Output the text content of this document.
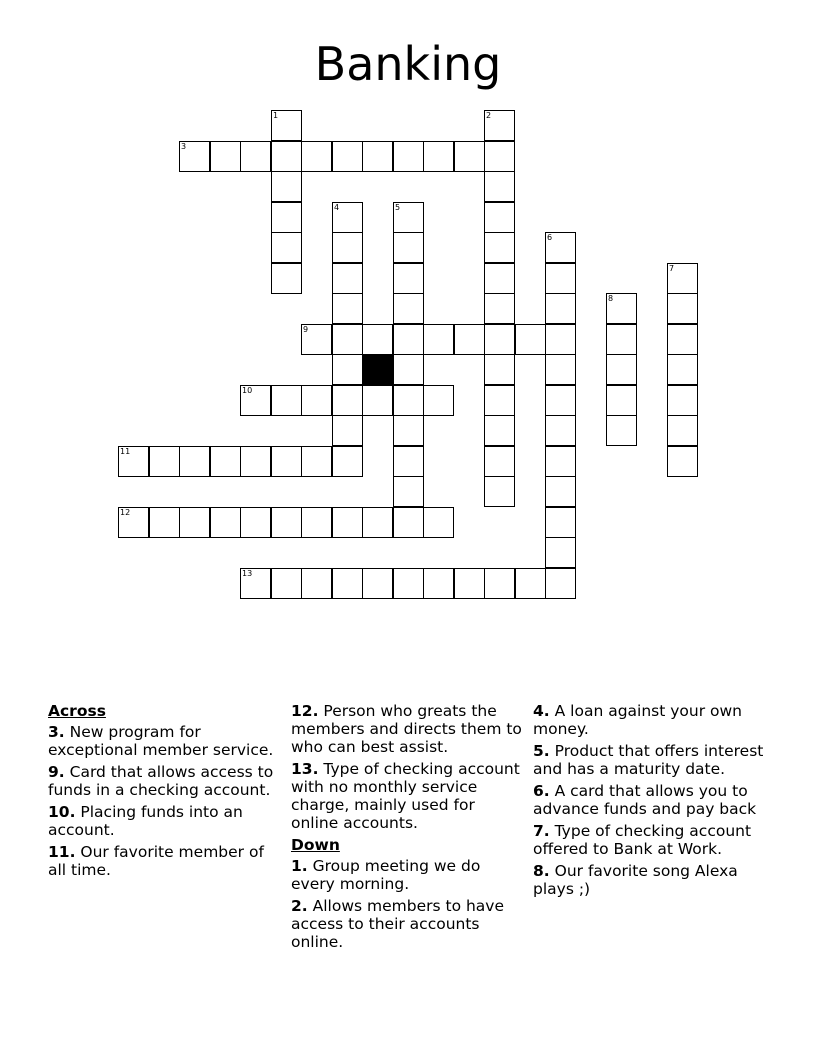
Banking
3
9
10
11
12
13
1	2
4	5
6
7
8
Across
3. New program for exceptional member service.
9. Card that allows access to funds in a checking account.
10. Placing funds into an account.
11. Our favorite member of all time.
12. Person who greats the members and directs them to who can best assist.
13. Type of checking account with no monthly service charge, mainly used for online accounts.
Down
1. Group meeting we do every morning.
2. Allows members to have access to their accounts online.
4. A loan against your own money.
5. Product that offers interest and has a maturity date.
6. A card that allows you to advance funds and pay back
7. Type of checking account offered to Bank at Work.
8. Our favorite song Alexa plays ;)
